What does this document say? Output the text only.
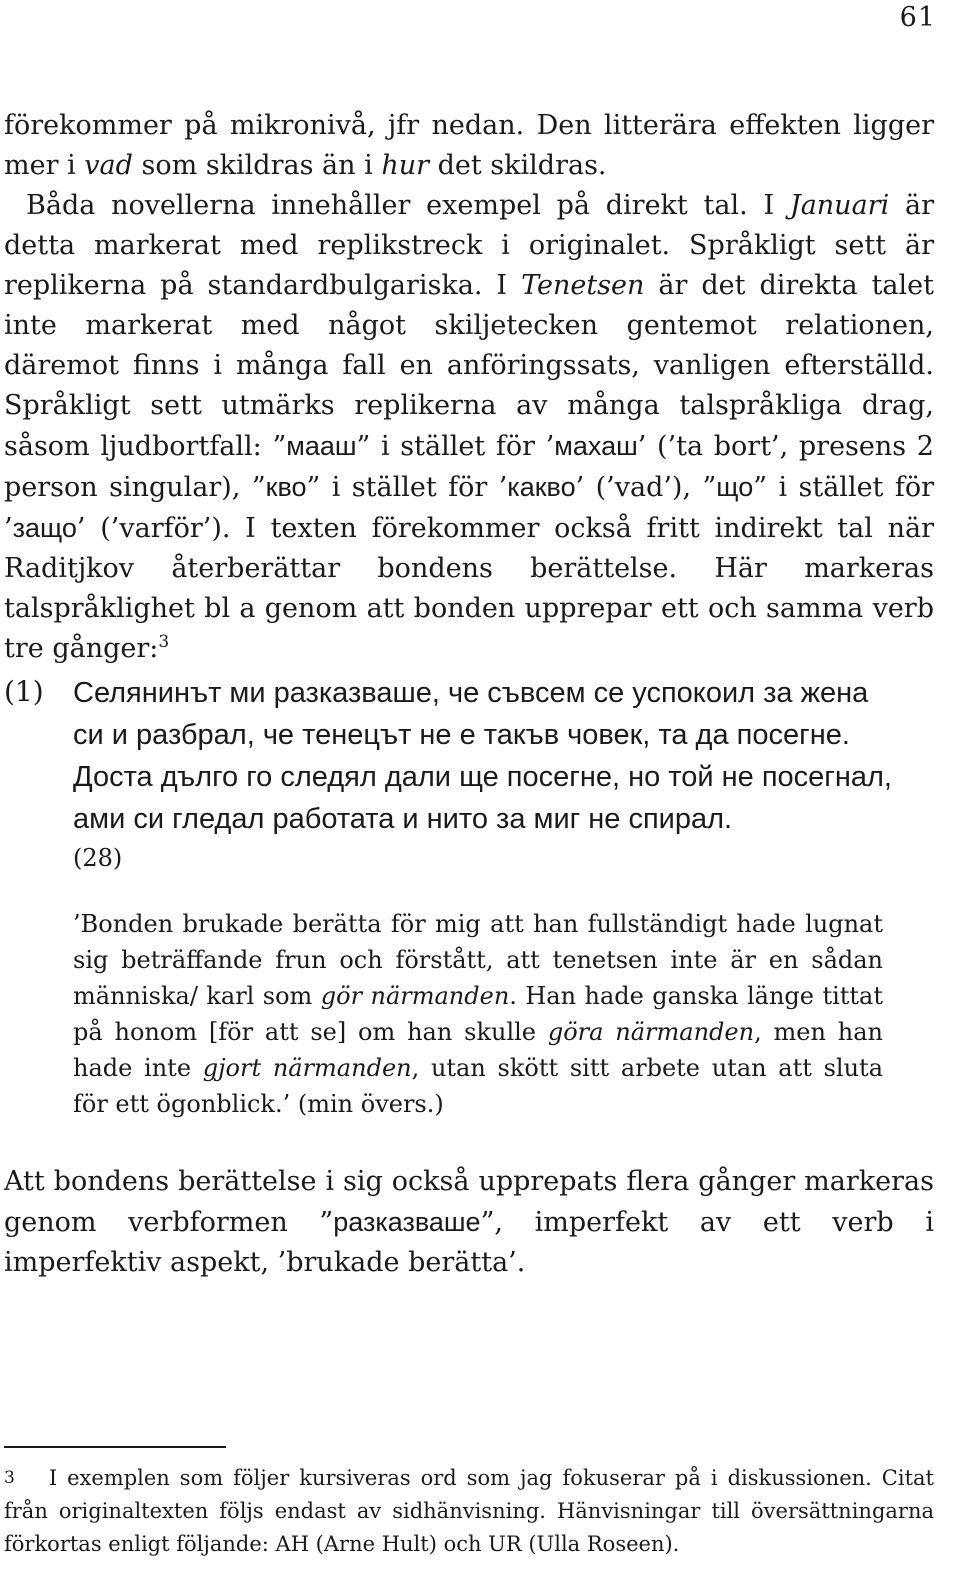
61

förekommer på mikronivå, jfr nedan. Den litterära effekten ligger mer i vad som skildras än i hur det skildras.

Båda novellerna innehåller exempel på direkt tal. I Januari är detta markerat med replikstreck i originalet. Språkligt sett är replikerna på standardbulgariska. I Tenetsen är det direkta talet inte markerat med något skiljetecken gentemot relationen, däremot finns i många fall en anföringssats, vanligen efterställd. Språkligt sett utmärks replikerna av många talspråkliga drag, såsom ljudbortfall: ”мааш” i stället för ’махаш’ (’ta bort’, presens 2 person singular), ”кво” i stället för ’какво’ (’vad’), ”що” i stället för ’защо’ (’varför’). I texten förekommer också fritt indirekt tal när Raditjkov återberättar bondens berättelse. Här markeras talspråklighet bl a genom att bonden upprepar ett och samma verb tre gånger:$^3$

(1) Селянинът ми разказваше, че съвсем се успокоил за жена си и разбрал, че тенецът не е такъв човек, та да посегне. Доста дълго го следял дали ще посегне, но той не посегнал, ами си гледал работата и нито за миг не спирал.
(28)
’Bonden brukade berätta för mig att han fullständigt hade lugnat sig beträffande frun och förstått, att tenetsen inte är en sådan människa/ karl som gör närmanden. Han hade ganska länge tittat på honom [för att se] om han skulle göra närmanden, men han hade inte gjort närmanden, utan skött sitt arbete utan att sluta för ett ögonblick.’ (min övers.)
Att bondens berättelse i sig också upprepats flera gånger markeras genom verbformen ”разказваше”, imperfekt av ett verb i imperfektiv aspekt, ’brukade berätta’.
$^3$ I exemplen som följer kursiveras ord som jag fokuserar på i diskussionen. Citat från originaltexten följs endast av sidhänvisning. Hänvisningar till översättningarna förkortas enligt följande: AH (Arne Hult) och UR (Ulla Roseen).
